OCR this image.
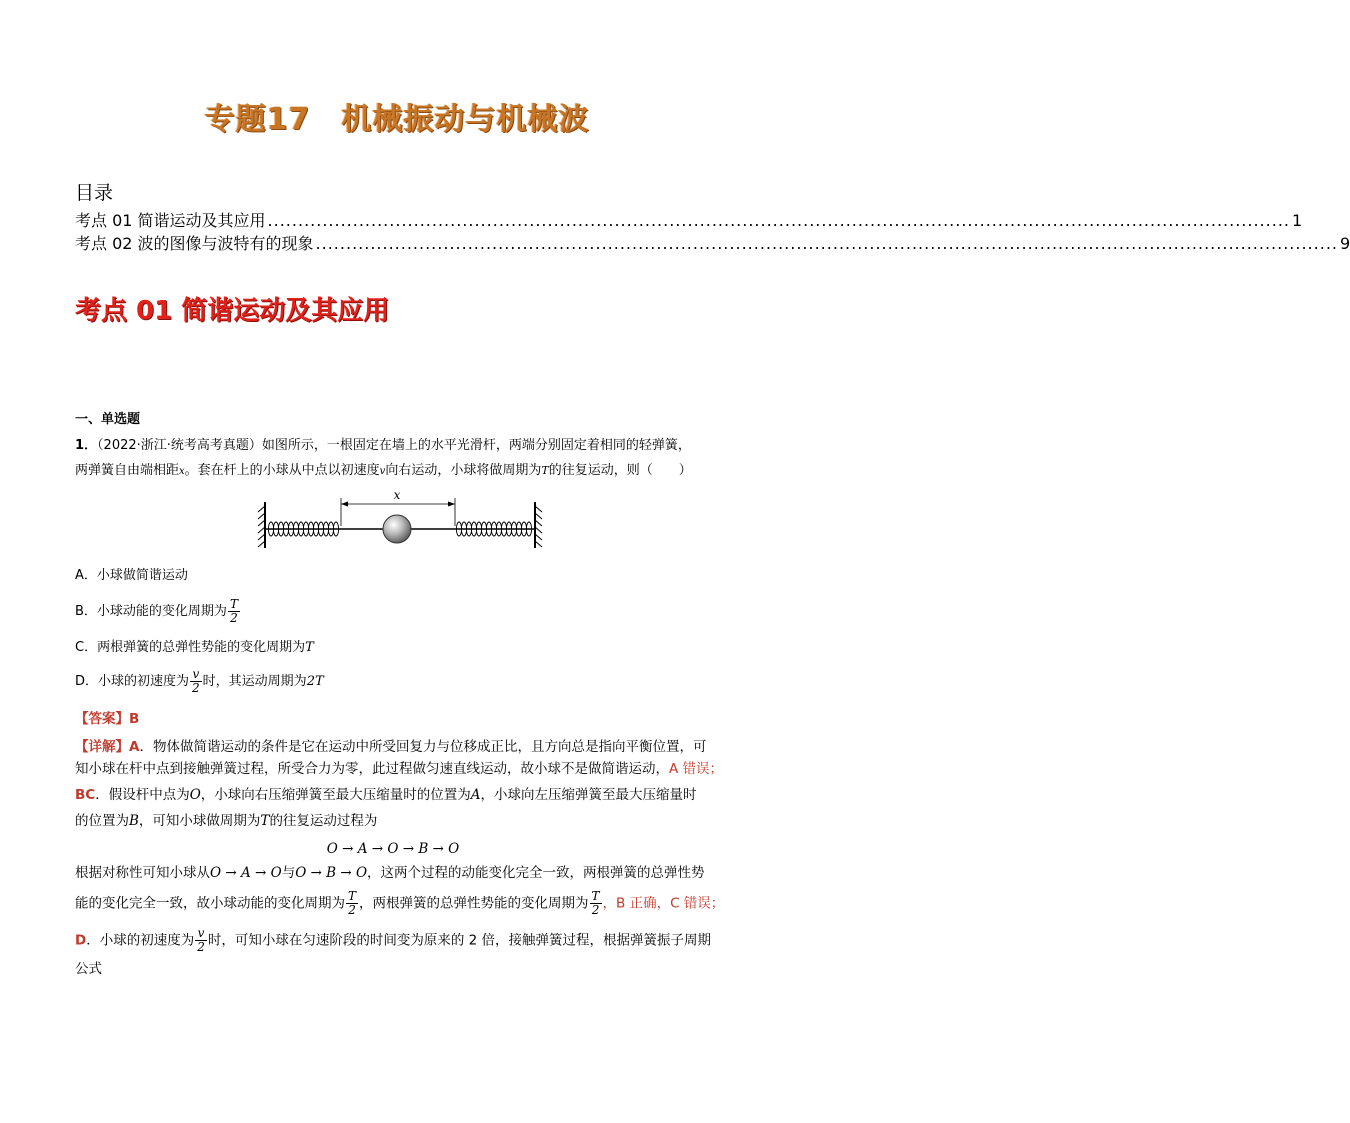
专题17　机械振动与机械波
目录
考点 01 简谐运动及其应用 ........................................................................................................................................................................ 1
考点 02 波的图像与波特有的现象 ........................................................................................................................................................................ 9
考点 01 简谐运动及其应用
一、单选题
1．（2022·浙江·统考高考真题）如图所示，一根固定在墙上的水平光滑杆，两端分别固定着相同的轻弹簧，
两弹簧自由端相距x。套在杆上的小球从中点以初速度v向右运动，小球将做周期为T的往复运动，则（　　）
x
A．小球做简谐运动
B．小球动能的变化周期为 $\frac{T}{2}$
C．两根弹簧的总弹性势能的变化周期为T
D．小球的初速度为 $\frac{v}{2}$ 时，其运动周期为2T
【答案】B
【详解】A．物体做简谐运动的条件是它在运动中所受回复力与位移成正比，且方向总是指向平衡位置，可
知小球在杆中点到接触弹簧过程，所受合力为零，此过程做匀速直线运动，故小球不是做简谐运动，A 错误；
BC．假设杆中点为O，小球向右压缩弹簧至最大压缩量时的位置为A，小球向左压缩弹簧至最大压缩量时
的位置为B，可知小球做周期为T的往复运动过程为
O → A → O → B → O
根据对称性可知小球从O → A → O与O → B → O，这两个过程的动能变化完全一致，两根弹簧的总弹性势
能的变化完全一致，故小球动能的变化周期为 $\frac{T}{2}$ ，两根弹簧的总弹性势能的变化周期为 $\frac{T}{2}$ ，B 正确，C 错误；
D．小球的初速度为 $\frac{v}{2}$ 时，可知小球在匀速阶段的时间变为原来的 2 倍，接触弹簧过程，根据弹簧振子周期
公式
